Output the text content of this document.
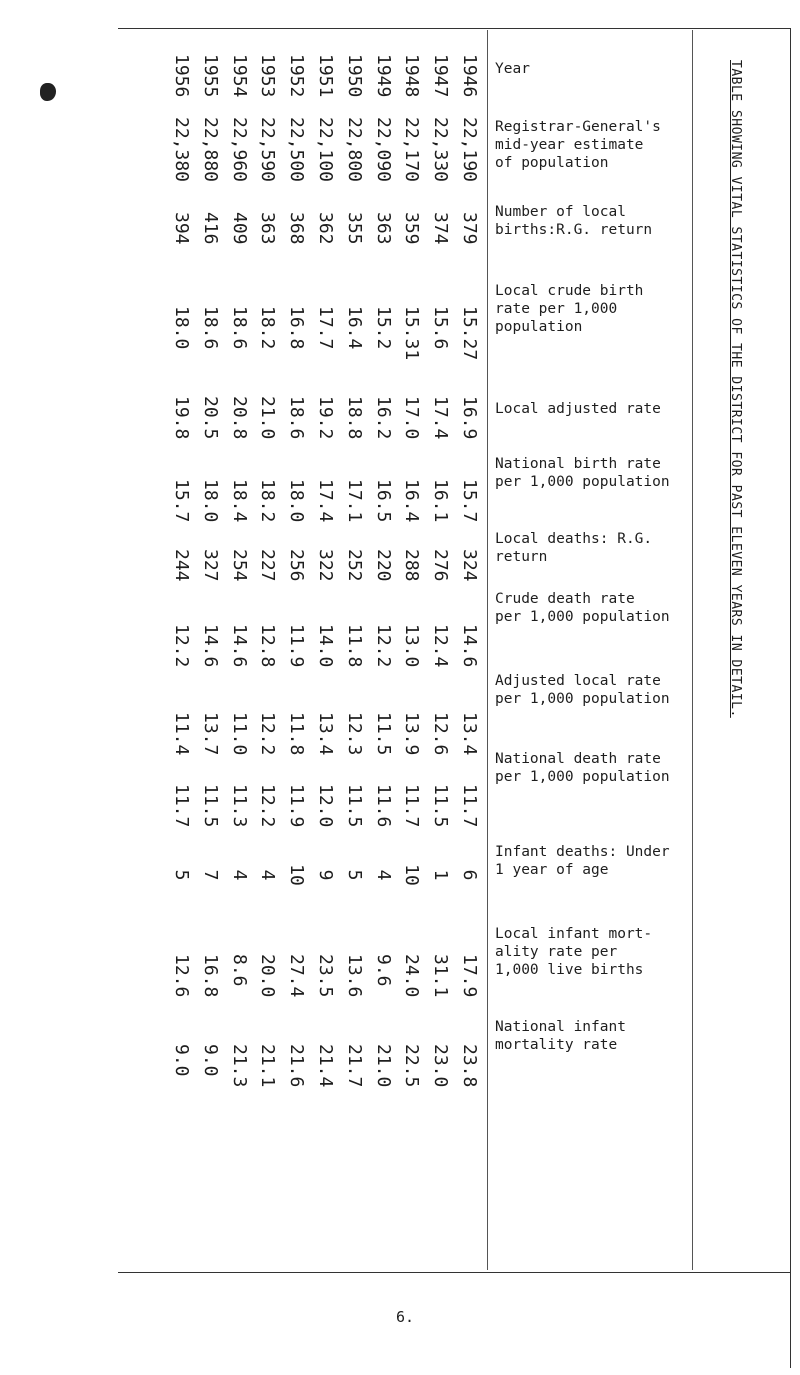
1956 1955 1954 1953 1952 1951 1950 1949 1948 1947 1946 Year
22,380 22,880 22,960 22,590 22,500 22,100 22,800 22,090 22,170 22,330 22,190 Registrar-General's
mid-year estimate
of population
394 416 409 363 368 362 355 363 359 374 379 Number of local
births:R.G. return
18.0 18.6 18.6 18.2 16.8 17.7 16.4 15.2 15.31 15.6 15.27
Local crude birth
rate per 1,000
population
19.8 20.5 20.8 21.0 18.6 19.2 18.8 16.2 17.0 17.4 16.9 Local adjusted rate
15.7 18.0 18.4 18.2 18.0 17.4 17.1 16.5 16.4 16.1 15.7
National birth rate
per 1,000 population
244 327 254 227 256 322 252 220 288 276 324
Local deaths: R.G.
return
12.2 14.6 14.6 12.8 11.9 14.0 11.8 12.2 13.0 12.4 14.6
Crude death rate
per 1,000 population
11.4 13.7 11.0 12.2 11.8 13.4 12.3 11.5 13.9 12.6 13.4
Adjusted local rate
per 1,000 population
11.7 11.5 11.3 12.2 11.9 12.0 11.5 11.6 11.7 11.5 11.7
National death rate
per 1,000 population
5 7 4 4 10 9 5 4 10 1 6
Infant deaths: Under
1 year of age
12.6 16.8 8.6 20.0 27.4 23.5 13.6 9.6 24.0 31.1 17.9
Local infant mort-
ality rate per
1,000 live births
9.0 9.0 21.3 21.1 21.6 21.4 21.7 21.0 22.5 23.0 23.8
National infant
mortality rate
TABLE SHOWING VITAL STATISTICS OF THE DISTRICT FOR PAST ELEVEN YEARS IN DETAIL.
6.
